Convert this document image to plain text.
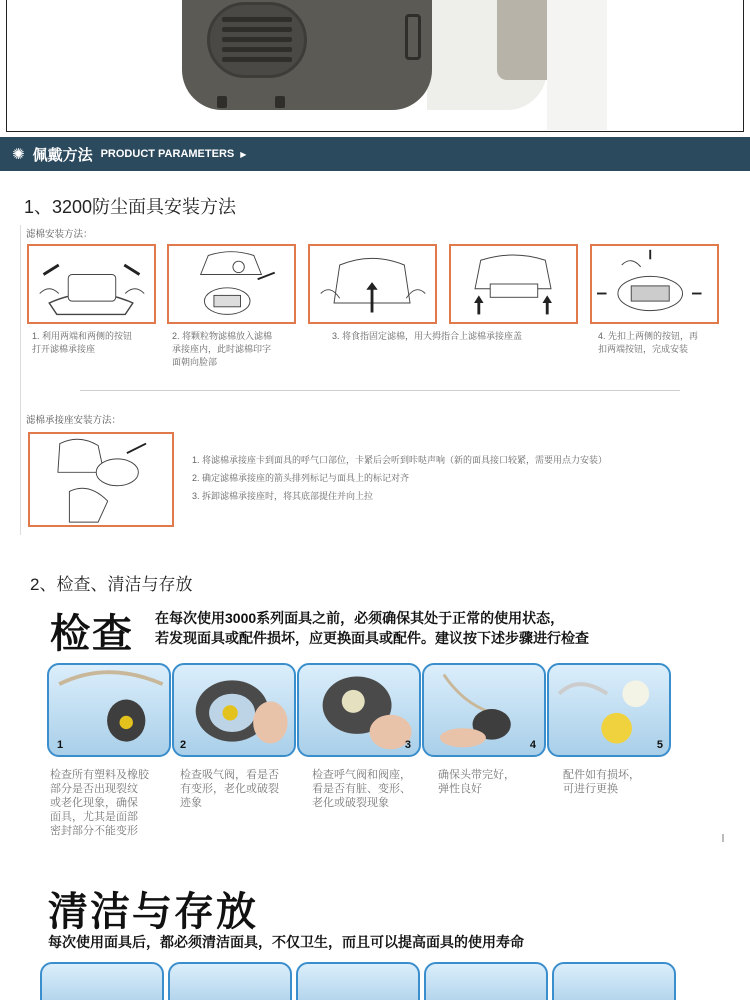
✺ 佩戴方法 PRODUCT PARAMETERS ▶
1、3200防尘面具安装方法
滤棉安装方法：
1. 利用两端和两侧的按钮
打开滤棉承接座
2. 将颗粒物滤棉放入滤棉
承接座内，此时滤棉印字
面朝向脸部
3. 将食指固定滤棉，用大拇指合上滤棉承接座盖	4. 先扣上两侧的按钮，再
扣两端按钮，完成安装
滤棉承接座安装方法：
1. 将滤棉承接座卡到面具的呼气口部位，卡紧后会听到咔哒声响（新的面具接口较紧，需要用点力安装）
2. 确定滤棉承接座的箭头排列标记与面具上的标记对齐
3. 拆卸滤棉承接座时，将其底部提住并向上拉
2、检查、清洁与存放
检查 在每次使用3000系列面具之前，必须确保其处于正常的使用状态，
若发现面具或配件损坏，应更换面具或配件。建议按下述步骤进行检查
1	2	3	4	5
检查所有塑料及橡胶
部分是否出现裂纹
或老化现象，确保
面具，尤其是面部
密封部分不能变形
检查吸气阀，看是否
有变形，老化或破裂
迹象
检查呼气阀和阀座，
看是否有脏、变形、
老化或破裂现象
确保头带完好，
弹性良好
配件如有损坏，
可进行更换
清洁与存放
每次使用面具后，都必须清洁面具，不仅卫生，而且可以提高面具的使用寿命
